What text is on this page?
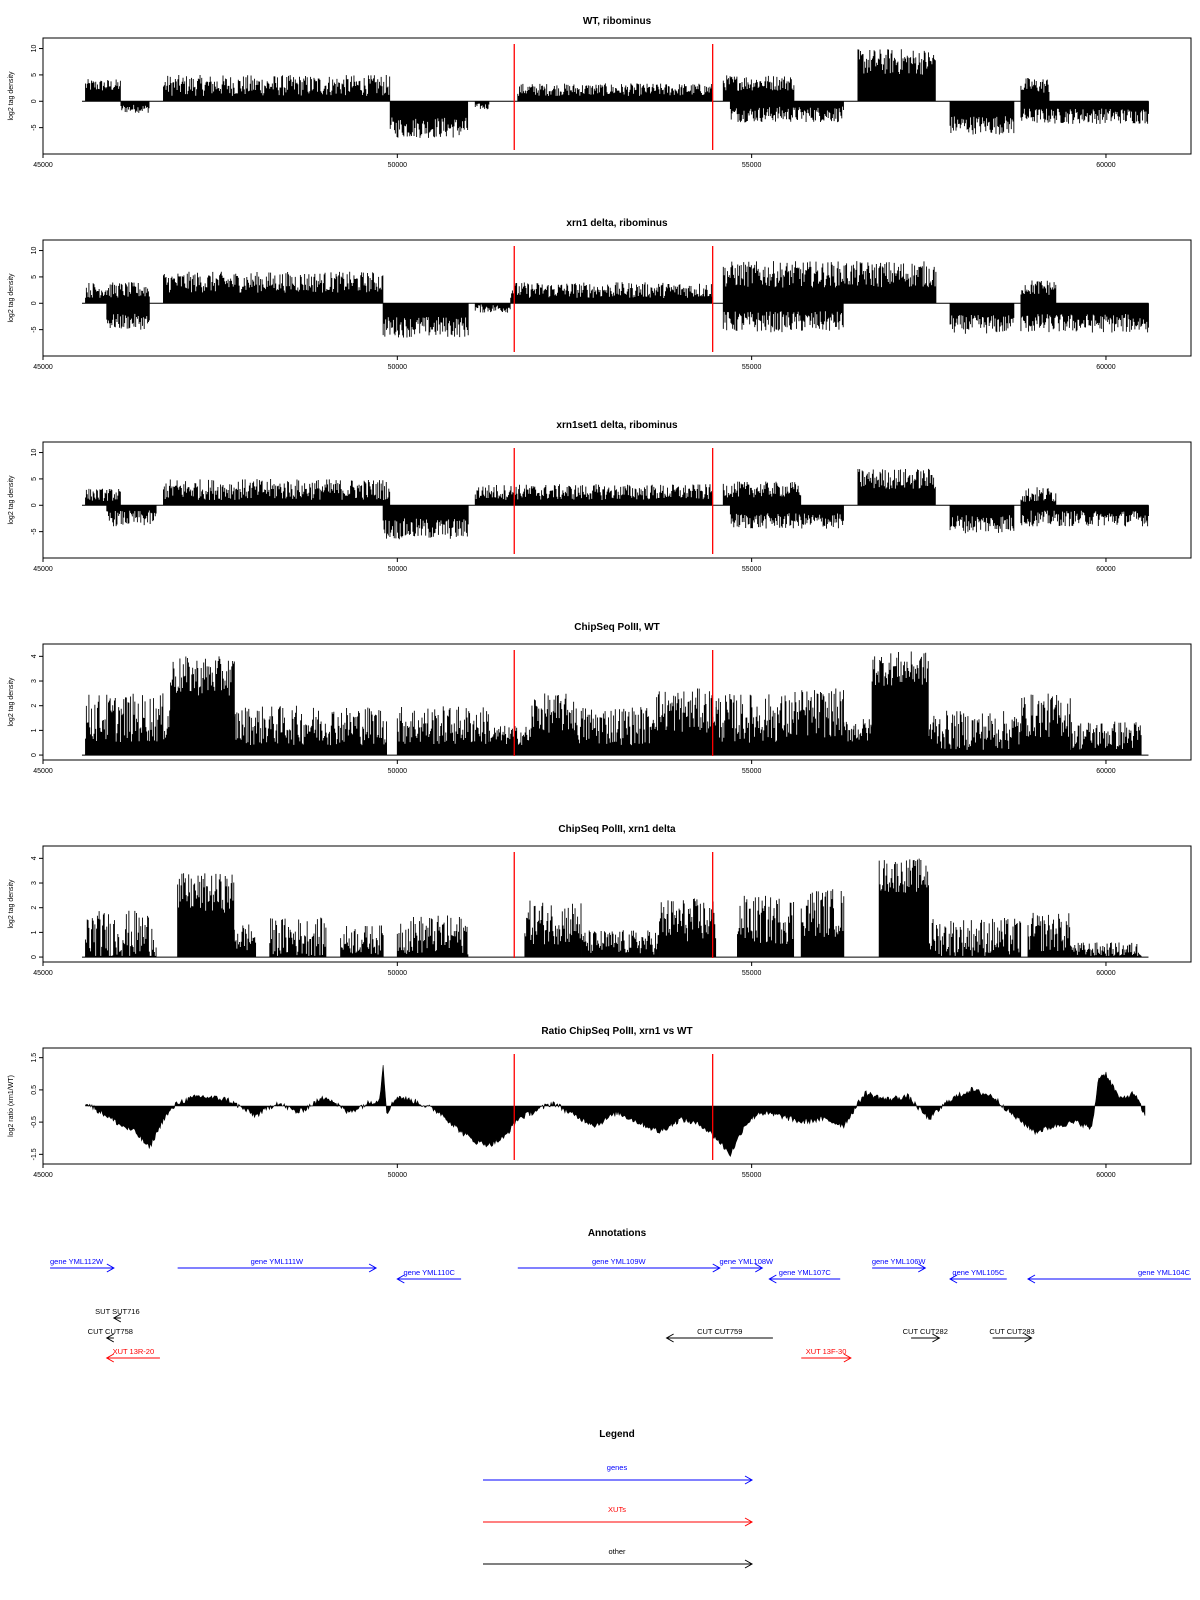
WT, ribominus
log2 tag density
-5
0
5
10
45000	50000	55000	60000
xrn1 delta, ribominus
log2 tag density
-5
0
5
10
45000	50000	55000	60000
xrn1set1 delta, ribominus
log2 tag density
-5
0
5
10
45000	50000	55000	60000
ChipSeq PolII, WT
log2 tag density
0
1
2
3
4
45000	50000	55000	60000
ChipSeq PolII, xrn1 delta
log2 tag density
0
1
2
3
4
45000	50000	55000	60000
Ratio ChipSeq PolII, xrn1 vs WT
log2 ratio (xrn1/WT)
-1.5
-0.5
0.5
1.5
45000	50000	55000	60000
Annotations
gene YML112W	gene YML111W
gene YML110C
gene YML109W	gene YML108W
gene YML107C
gene YML106W
gene YML105C	gene YML104C
SUT SUT716
CUT CUT758
XUT 13R-20
CUT CUT759
XUT 13F-30
CUT CUT282	CUT CUT283
Legend
genes
XUTs
other
